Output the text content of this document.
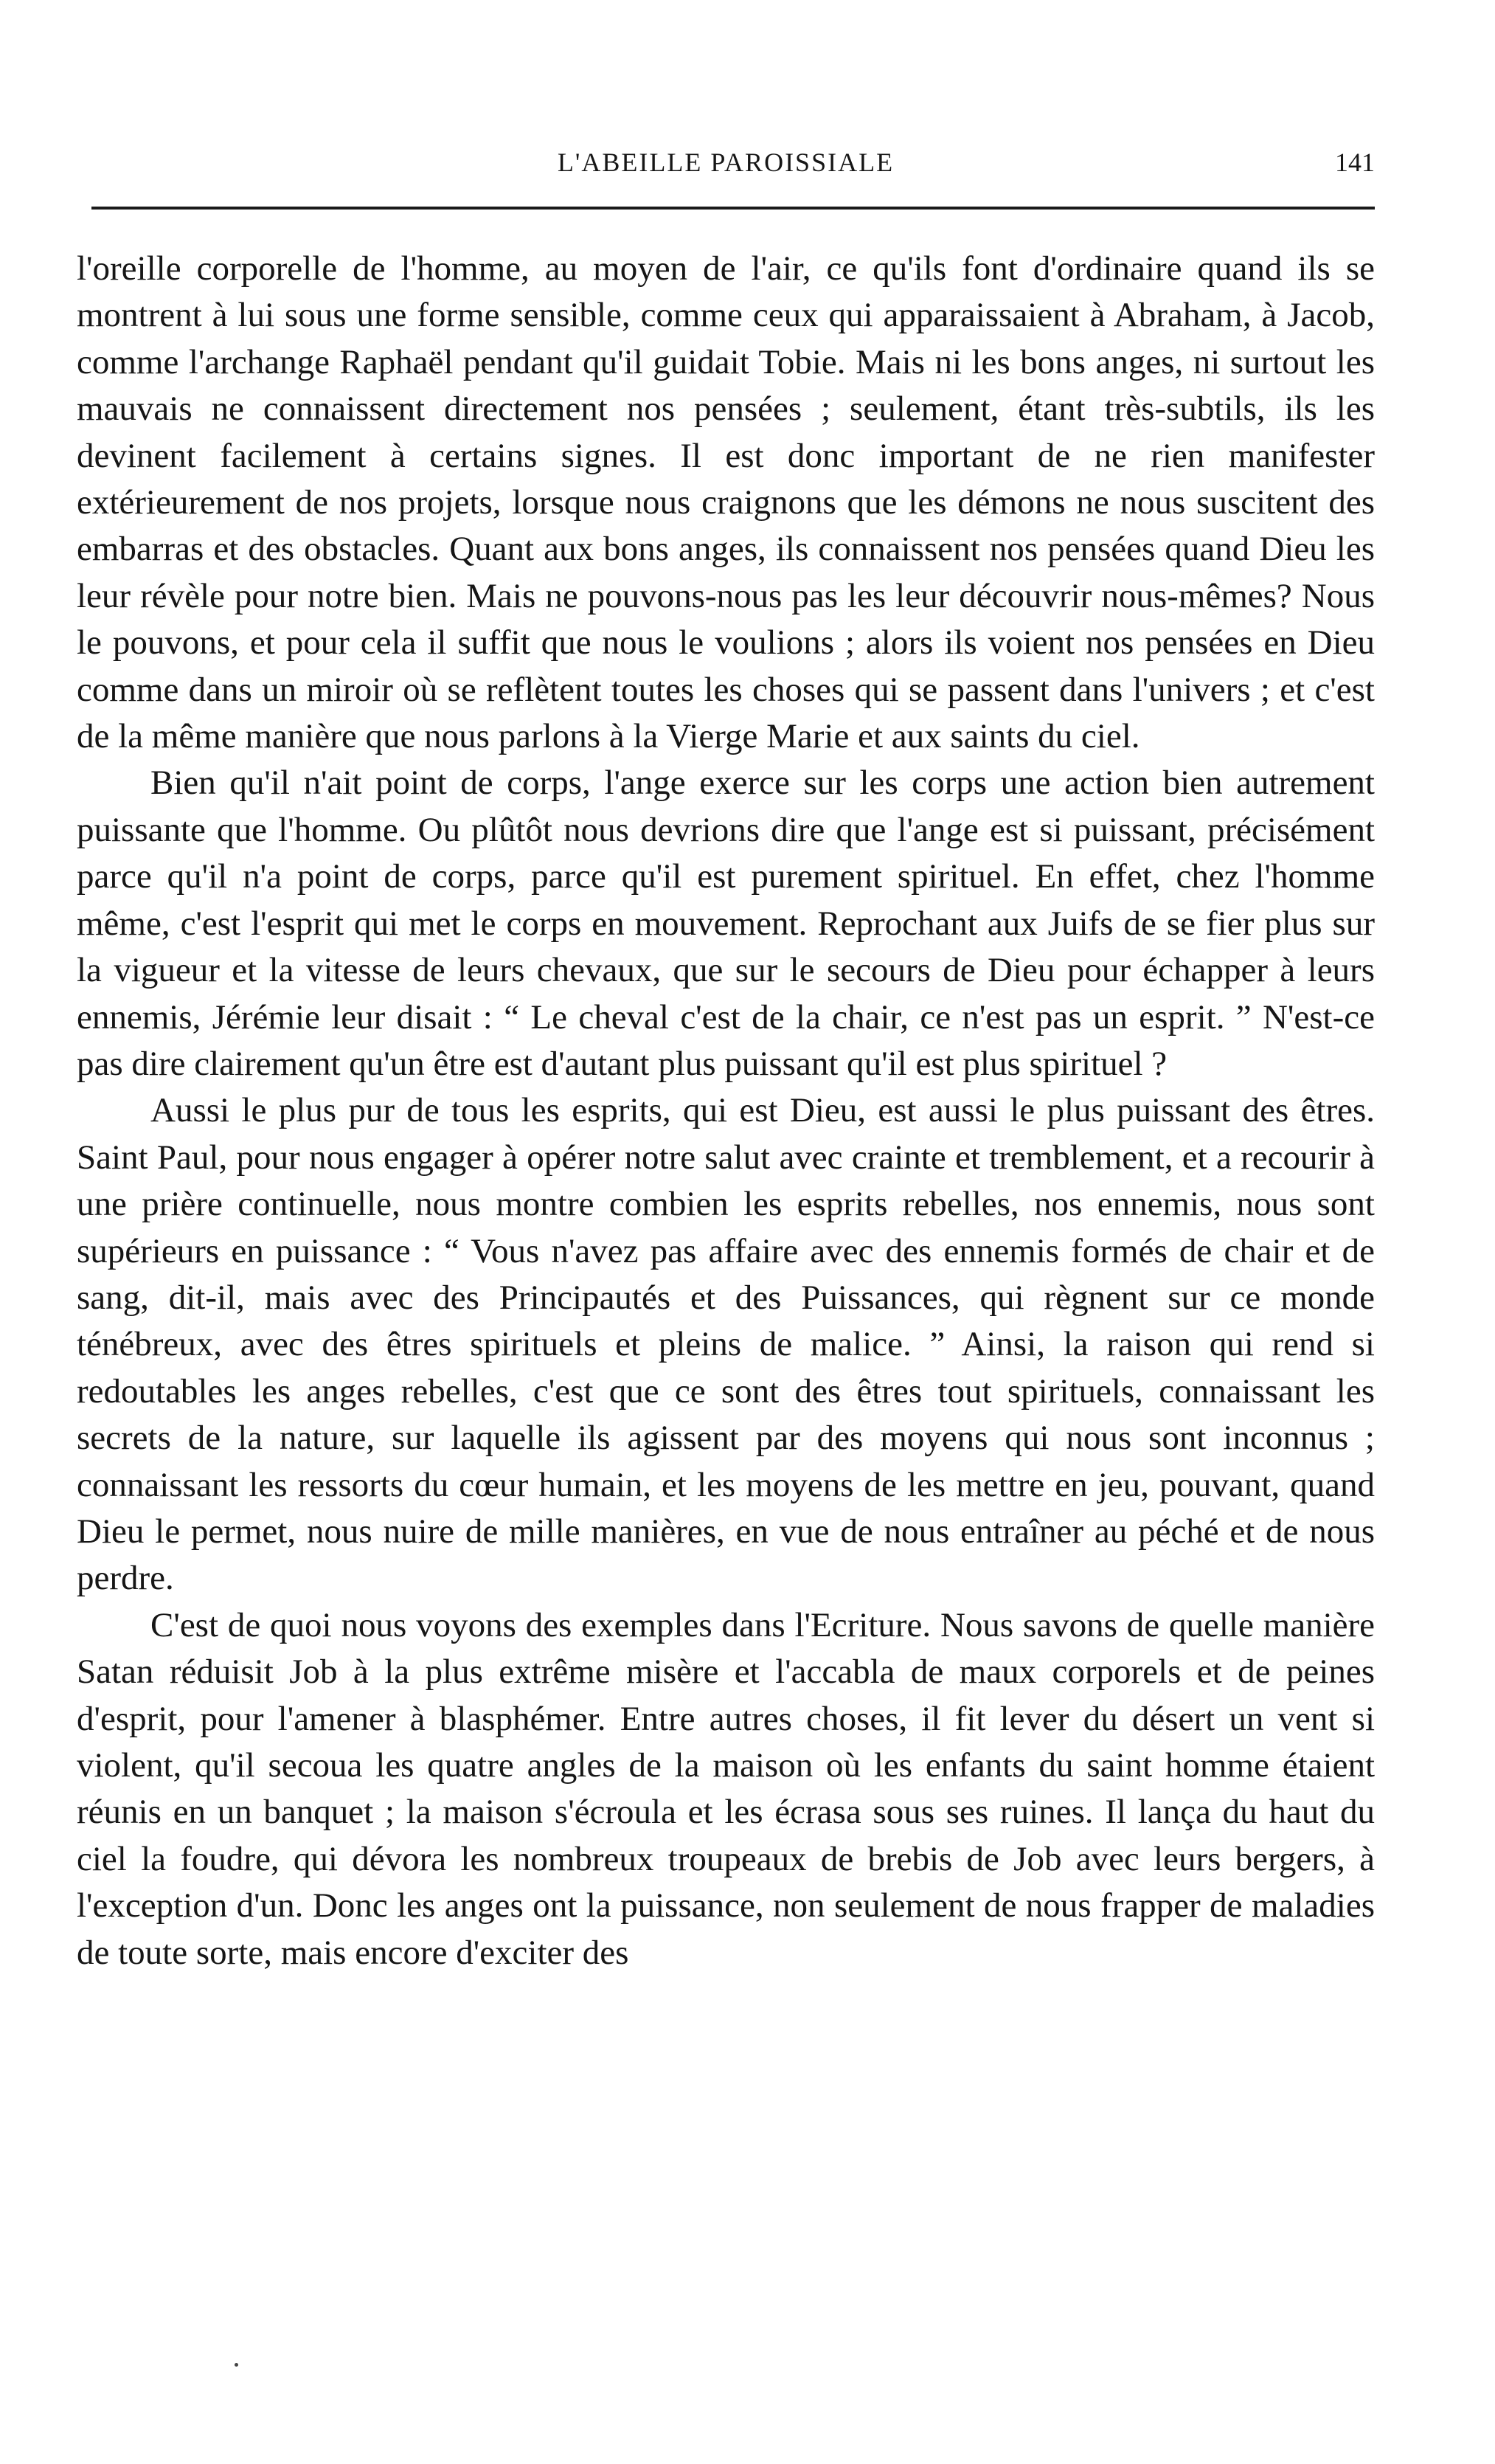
L'ABEILLE PAROISSIALE	141

l'oreille corporelle de l'homme, au moyen de l'air, ce qu'ils font d'ordinaire quand ils se montrent à lui sous une forme sensible, comme ceux qui apparaissaient à Abraham, à Jacob, comme l'archange Raphaël pendant qu'il guidait Tobie. Mais ni les bons anges, ni surtout les mauvais ne connaissent directement nos pensées ; seulement, étant très-subtils, ils les devinent facilement à certains signes. Il est donc important de ne rien manifester extérieurement de nos projets, lorsque nous craignons que les démons ne nous suscitent des embarras et des obstacles. Quant aux bons anges, ils connaissent nos pensées quand Dieu les leur révèle pour notre bien. Mais ne pouvons-nous pas les leur découvrir nous-mêmes? Nous le pouvons, et pour cela il suffit que nous le voulions ; alors ils voient nos pensées en Dieu comme dans un miroir où se reflètent toutes les choses qui se passent dans l'univers ; et c'est de la même manière que nous parlons à la Vierge Marie et aux saints du ciel.

Bien qu'il n'ait point de corps, l'ange exerce sur les corps une action bien autrement puissante que l'homme. Ou plûtôt nous devrions dire que l'ange est si puissant, précisément parce qu'il n'a point de corps, parce qu'il est purement spirituel. En effet, chez l'homme même, c'est l'esprit qui met le corps en mouvement. Reprochant aux Juifs de se fier plus sur la vigueur et la vitesse de leurs chevaux, que sur le secours de Dieu pour échapper à leurs ennemis, Jérémie leur disait : “ Le cheval c'est de la chair, ce n'est pas un esprit. ” N'est-ce pas dire clairement qu'un être est d'autant plus puissant qu'il est plus spirituel ?

Aussi le plus pur de tous les esprits, qui est Dieu, est aussi le plus puissant des êtres. Saint Paul, pour nous engager à opérer notre salut avec crainte et tremblement, et a recourir à une prière continuelle, nous montre combien les esprits rebelles, nos ennemis, nous sont supérieurs en puissance : “ Vous n'avez pas affaire avec des ennemis formés de chair et de sang, dit-il, mais avec des Principautés et des Puissances, qui règnent sur ce monde ténébreux, avec des êtres spirituels et pleins de malice. ” Ainsi, la raison qui rend si redoutables les anges rebelles, c'est que ce sont des êtres tout spirituels, connaissant les secrets de la nature, sur laquelle ils agissent par des moyens qui nous sont inconnus ; connaissant les ressorts du cœur humain, et les moyens de les mettre en jeu, pouvant, quand Dieu le permet, nous nuire de mille manières, en vue de nous entraîner au péché et de nous perdre.

C'est de quoi nous voyons des exemples dans l'Ecriture. Nous savons de quelle manière Satan réduisit Job à la plus extrême misère et l'accabla de maux corporels et de peines d'esprit, pour l'amener à blasphémer. Entre autres choses, il fit lever du désert un vent si violent, qu'il secoua les quatre angles de la maison où les enfants du saint homme étaient réunis en un banquet ; la maison s'écroula et les écrasa sous ses ruines. Il lança du haut du ciel la foudre, qui dévora les nombreux troupeaux de brebis de Job avec leurs bergers, à l'exception d'un. Donc les anges ont la puissance, non seulement de nous frapper de maladies de toute sorte, mais encore d'exciter des
